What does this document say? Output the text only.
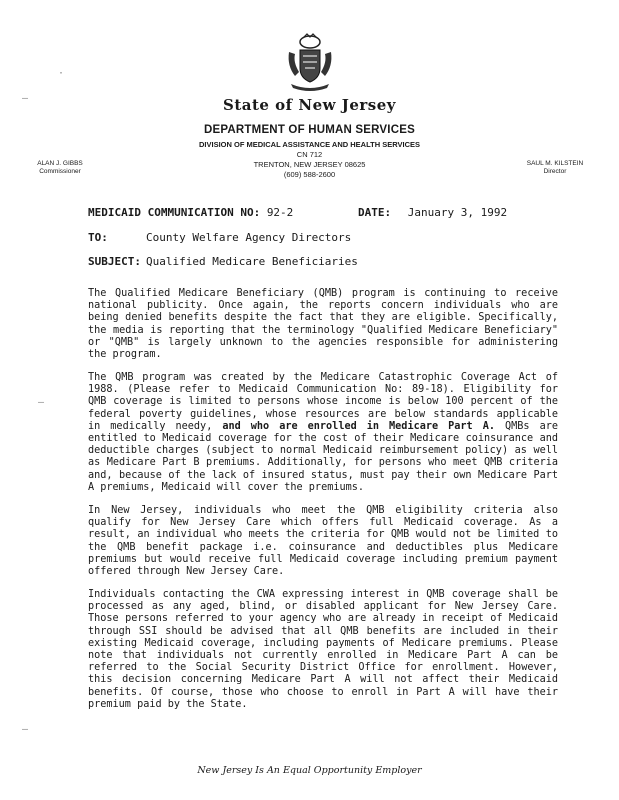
State of New Jersey
DEPARTMENT OF HUMAN SERVICES
DIVISION OF MEDICAL ASSISTANCE AND HEALTH SERVICES
CN 712
TRENTON, NEW JERSEY 08625
(609) 588-2600
ALAN J. GIBBS
Commissioner
SAUL M. KILSTEIN
Director
·
–
–
–
MEDICAID COMMUNICATION NO: 92-2	DATE: January 3, 1992
TO:	County Welfare Agency Directors
SUBJECT: Qualified Medicare Beneficiaries

The Qualified Medicare Beneficiary (QMB) program is continuing to receive national publicity. Once again, the reports concern individuals who are being denied benefits despite the fact that they are eligible. Specifically, the media is reporting that the terminology "Qualified Medicare Beneficiary" or "QMB" is largely unknown to the agencies responsible for administering the program.

The QMB program was created by the Medicare Catastrophic Coverage Act of 1988. (Please refer to Medicaid Communication No: 89-18). Eligibility for QMB coverage is limited to persons whose income is below 100 percent of the federal poverty guidelines, whose resources are below standards applicable in medically needy, and who are enrolled in Medicare Part A. QMBs are entitled to Medicaid coverage for the cost of their Medicare coinsurance and deductible charges (subject to normal Medicaid reimbursement policy) as well as Medicare Part B premiums. Additionally, for persons who meet QMB criteria and, because of the lack of insured status, must pay their own Medicare Part A premiums, Medicaid will cover the premiums.

In New Jersey, individuals who meet the QMB eligibility criteria also qualify for New Jersey Care which offers full Medicaid coverage. As a result, an individual who meets the criteria for QMB would not be limited to the QMB benefit package i.e. coinsurance and deductibles plus Medicare premiums but would receive full Medicaid coverage including premium payment offered through New Jersey Care.

Individuals contacting the CWA expressing interest in QMB coverage shall be processed as any aged, blind, or disabled applicant for New Jersey Care. Those persons referred to your agency who are already in receipt of Medicaid through SSI should be advised that all QMB benefits are included in their existing Medicaid coverage, including payments of Medicare premiums. Please note that individuals not currently enrolled in Medicare Part A can be referred to the Social Security District Office for enrollment. However, this decision concerning Medicare Part A will not affect their Medicaid benefits. Of course, those who choose to enroll in Part A will have their premium paid by the State.

New Jersey Is An Equal Opportunity Employer
